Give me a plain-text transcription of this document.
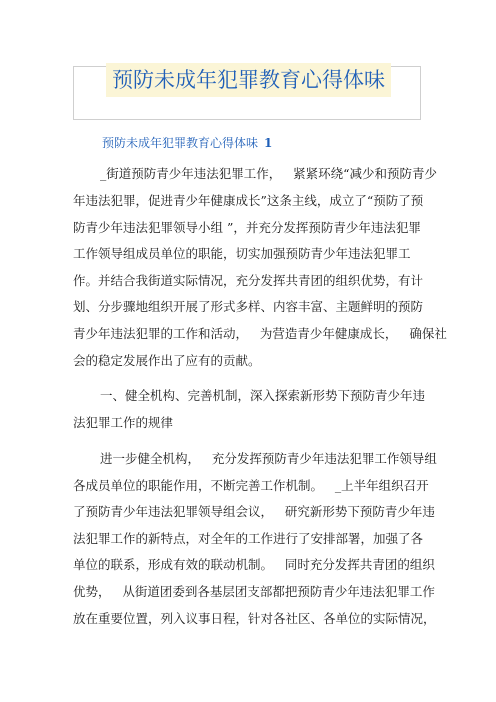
预防未成年犯罪教育心得体味
预防未成年犯罪教育心得体味 1
_街道预防青少年违法犯罪工作，   紧紧环绕“减少和预防青少
年违法犯罪，促进青少年健康成长”这条主线，成立了“预防了预
防青少年违法犯罪领导小组 ”，并充分发挥预防青少年违法犯罪
工作领导组成员单位的职能，切实加强预防青少年违法犯罪工
作。并结合我街道实际情况，充分发挥共青团的组织优势，有计
划、分步骤地组织开展了形式多样、内容丰富、主题鲜明的预防
青少年违法犯罪的工作和活动，   为营造青少年健康成长，   确保社
会的稳定发展作出了应有的贡献。
一、健全机构、完善机制，深入探索新形势下预防青少年违
法犯罪工作的规律
进一步健全机构，   充分发挥预防青少年违法犯罪工作领导组
各成员单位的职能作用，不断完善工作机制。   _上半年组织召开
了预防青少年违法犯罪领导组会议，   研究新形势下预防青少年违
法犯罪工作的新特点，对全年的工作进行了安排部署，加强了各
单位的联系，形成有效的联动机制。   同时充分发挥共青团的组织
优势，   从街道团委到各基层团支部都把预防青少年违法犯罪工作
放在重要位置，列入议事日程，针对各社区、各单位的实际情况，
